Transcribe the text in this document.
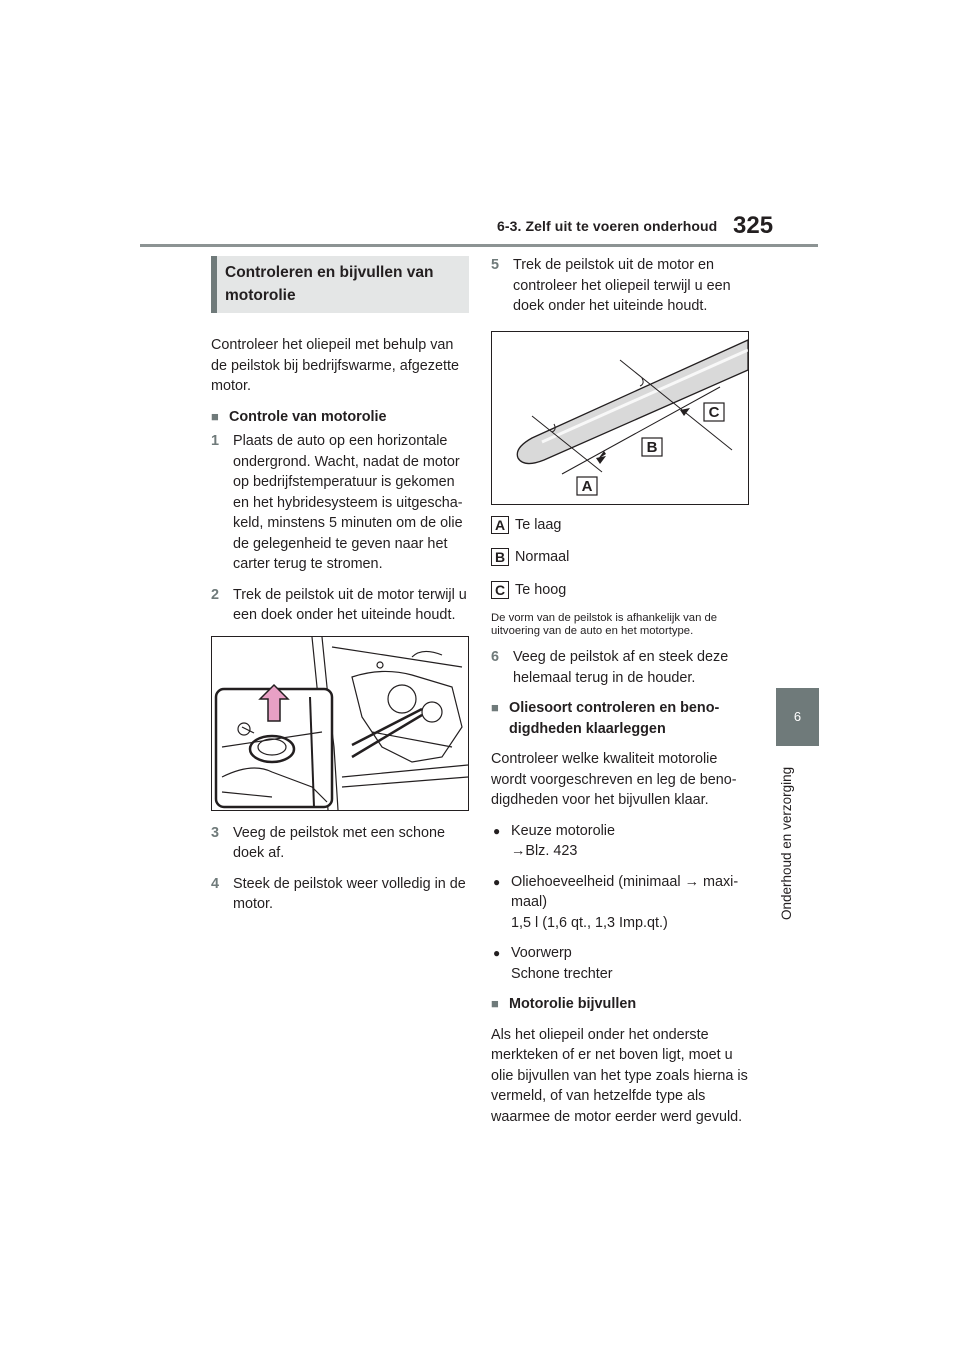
6-3. Zelf uit te voeren onderhoud 325
6
Onderhoud en verzorging
Controleren en bijvullen van motorolie

Controleer het oliepeil met behulp van de peilstok bij bedrijfswarme, afgezette motor.

■ Controle van motorolie
1 Plaats de auto op een horizontale ondergrond. Wacht, nadat de motor op bedrijfstemperatuur is gekomen en het hybridesysteem is uitgescha-keld, minstens 5 minuten om de olie de gelegenheid te geven naar het carter terug te stromen.
2 Trek de peilstok uit de motor terwijl u een doek onder het uiteinde houdt.
3 Veeg de peilstok met een schone doek af.
4 Steek de peilstok weer volledig in de motor.
5 Trek de peilstok uit de motor en controleer het oliepeil terwijl u een doek onder het uiteinde houdt.
A
B
C
A Te laag
B Normaal
C Te hoog

De vorm van de peilstok is afhankelijk van de uitvoering van de auto en het motortype.

6 Veeg de peilstok af en steek deze helemaal terug in de houder.
■ Oliesoort controleren en beno-digdheden klaarleggen

Controleer welke kwaliteit motorolie wordt voorgeschreven en leg de beno-digdheden voor het bijvullen klaar.

● Keuze motorolie
→Blz. 423
● Oliehoeveelheid (minimaal → maxi-maal)
1,5 l (1,6 qt., 1,3 Imp.qt.)
● Voorwerp
Schone trechter
■ Motorolie bijvullen

Als het oliepeil onder het onderste merkteken of er net boven ligt, moet u olie bijvullen van het type zoals hierna is vermeld, of van hetzelfde type als waarmee de motor eerder werd gevuld.
